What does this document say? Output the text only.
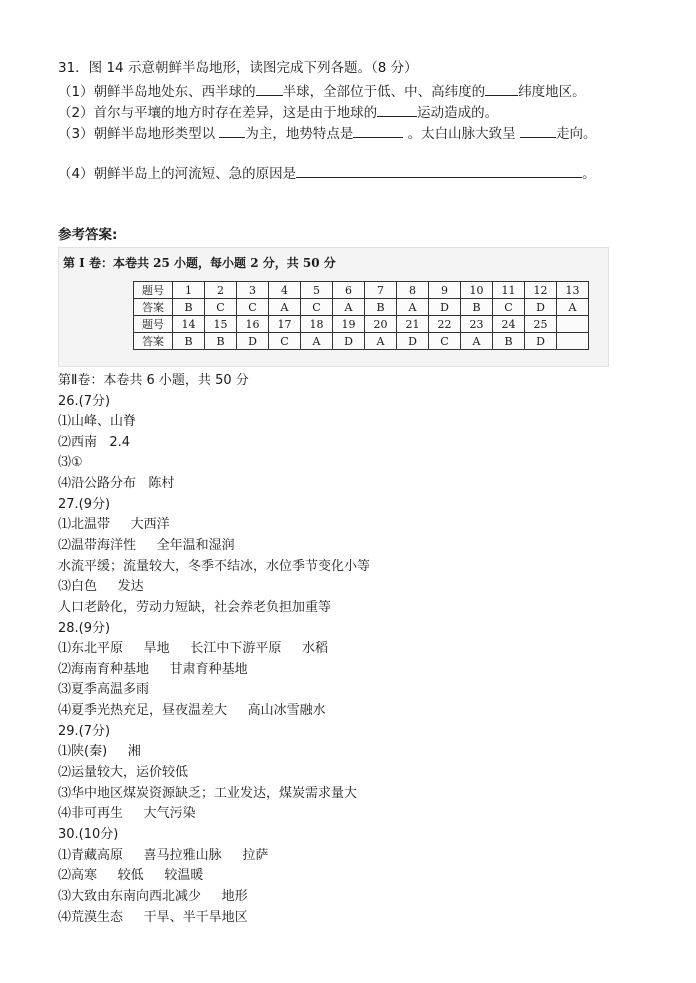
31．图 14 示意朝鲜半岛地形，读图完成下列各题。（8 分）
（1）朝鲜半岛地处东、西半球的 半球，全部位于低、中、高纬度的 纬度地区。
（2）首尔与平壤的地方时存在差异，这是由于地球的	运动造成的。
（3）朝鲜半岛地形类型以 为主，地势特点是	。太白山脉大致呈	走向。
（4）朝鲜半岛上的河流短、急的原因是	。
参考答案:
第 I 卷：本卷共 25 小题，每小题 2 分，共 50 分
题号	1	2	3	4	5	6	7	8	9	10	11	12	13
答案	B	C	C	A	C	A	B	A	D	B	C	D	A
题号	14	15	16	17	18	19	20	21	22	23	24	25	
答案	B	B	D	C	A	D	A	D	C	A	B	D	
第Ⅱ卷：本卷共 6 小题，共 50 分
26.(7分)
⑴山峰、山脊
⑵西南   2.4
⑶①
⑷沿公路分布   陈村
27.(9分)
⑴北温带     大西洋
⑵温带海洋性     全年温和湿润
水流平缓；流量较大，冬季不结冰，水位季节变化小等
⑶白色     发达
人口老龄化，劳动力短缺，社会养老负担加重等
28.(9分)
⑴东北平原     旱地     长江中下游平原     水稻
⑵海南育种基地     甘肃育种基地
⑶夏季高温多雨
⑷夏季光热充足，昼夜温差大     高山冰雪融水
29.(7分)
⑴陕(秦)     湘
⑵运量较大，运价较低
⑶华中地区煤炭资源缺乏；工业发达，煤炭需求量大
⑷非可再生     大气污染
30.(10分)
⑴青藏高原     喜马拉雅山脉     拉萨
⑵高寒     较低     较温暖
⑶大致由东南向西北减少     地形
⑷荒漠生态     干旱、半干旱地区
